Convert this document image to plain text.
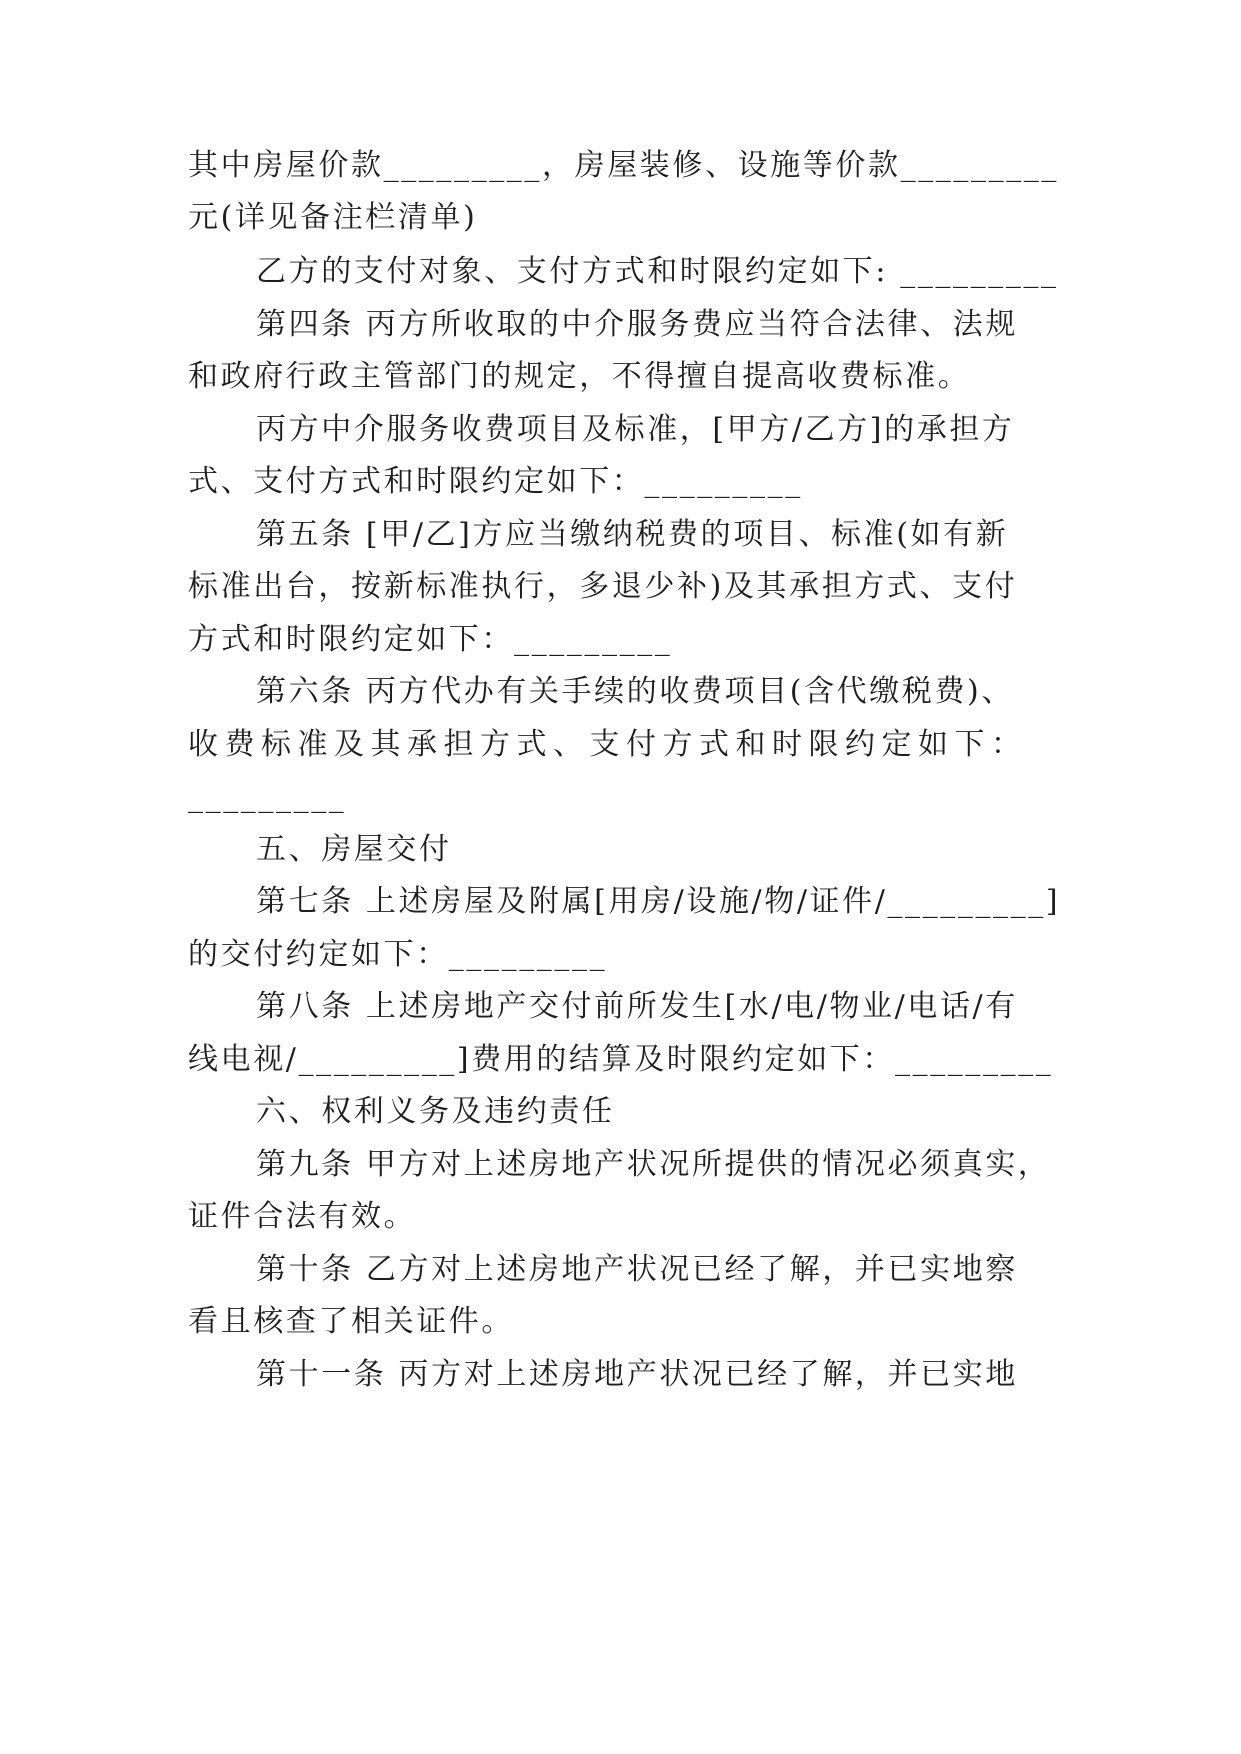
其中房屋价款_________，房屋装修、设施等价款_________
元(详见备注栏清单)
乙方的支付对象、支付方式和时限约定如下: _________
第四条 丙方所收取的中介服务费应当符合法律、法规
和政府行政主管部门的规定，不得擅自提高收费标准。
丙方中介服务收费项目及标准，[甲方/乙方]的承担方
式、支付方式和时限约定如下：_________
第五条 [甲/乙]方应当缴纳税费的项目、标准(如有新
标准出台，按新标准执行，多退少补)及其承担方式、支付
方式和时限约定如下：_________
第六条 丙方代办有关手续的收费项目(含代缴税费)、
收费标准及其承担方式、支付方式和时限约定如下：
_________
五、房屋交付
第七条 上述房屋及附属[用房/设施/物/证件/_________]
的交付约定如下：_________
第八条 上述房地产交付前所发生[水/电/物业/电话/有
线电视/_________]费用的结算及时限约定如下：_________
六、权利义务及违约责任
第九条 甲方对上述房地产状况所提供的情况必须真实，
证件合法有效。
第十条 乙方对上述房地产状况已经了解，并已实地察
看且核查了相关证件。
第十一条 丙方对上述房地产状况已经了解，并已实地
